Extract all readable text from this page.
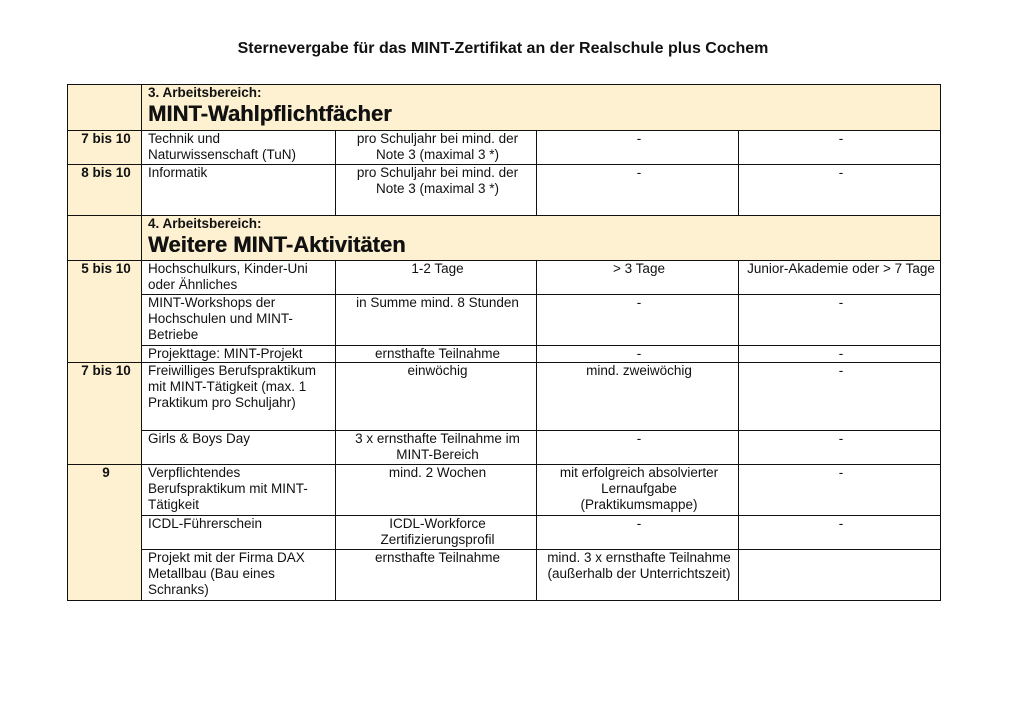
Sternevergabe für das MINT-Zertifikat an der Realschule plus Cochem

	3. Arbeitsbereich:
MINT-Wahlpflichtfächer			

7 bis 10	Technik und Naturwissenschaft (TuN)	pro Schuljahr bei mind. der Note 3 (maximal 3 *)	-	-
8 bis 10	Informatik	pro Schuljahr bei mind. der Note 3 (maximal 3 *)	-	-

	4. Arbeitsbereich:
Weitere MINT-Aktivitäten			

5 bis 10	Hochschulkurs, Kinder-Uni oder Ähnliches	1-2 Tage	> 3 Tage	Junior-Akademie oder > 7 Tage
	MINT-Workshops der Hochschulen und MINT-Betriebe	in Summe mind. 8 Stunden	-	-
	Projekttage: MINT-Projekt	ernsthafte Teilnahme	-	-
7 bis 10	Freiwilliges Berufspraktikum mit MINT-Tätigkeit (max. 1 Praktikum pro Schuljahr)	einwöchig	mind. zweiwöchig	-
	Girls & Boys Day	3 x ernsthafte Teilnahme im MINT-Bereich	-	-
9	Verpflichtendes Berufspraktikum mit MINT-Tätigkeit	mind. 2 Wochen	mit erfolgreich absolvierter Lernaufgabe (Praktikumsmappe)	-
	ICDL-Führerschein	ICDL-Workforce Zertifizierungsprofil	-	-
	Projekt mit der Firma DAX Metallbau (Bau eines Schranks)	ernsthafte Teilnahme	mind. 3 x ernsthafte Teilnahme (außerhalb der Unterrichtszeit)	
